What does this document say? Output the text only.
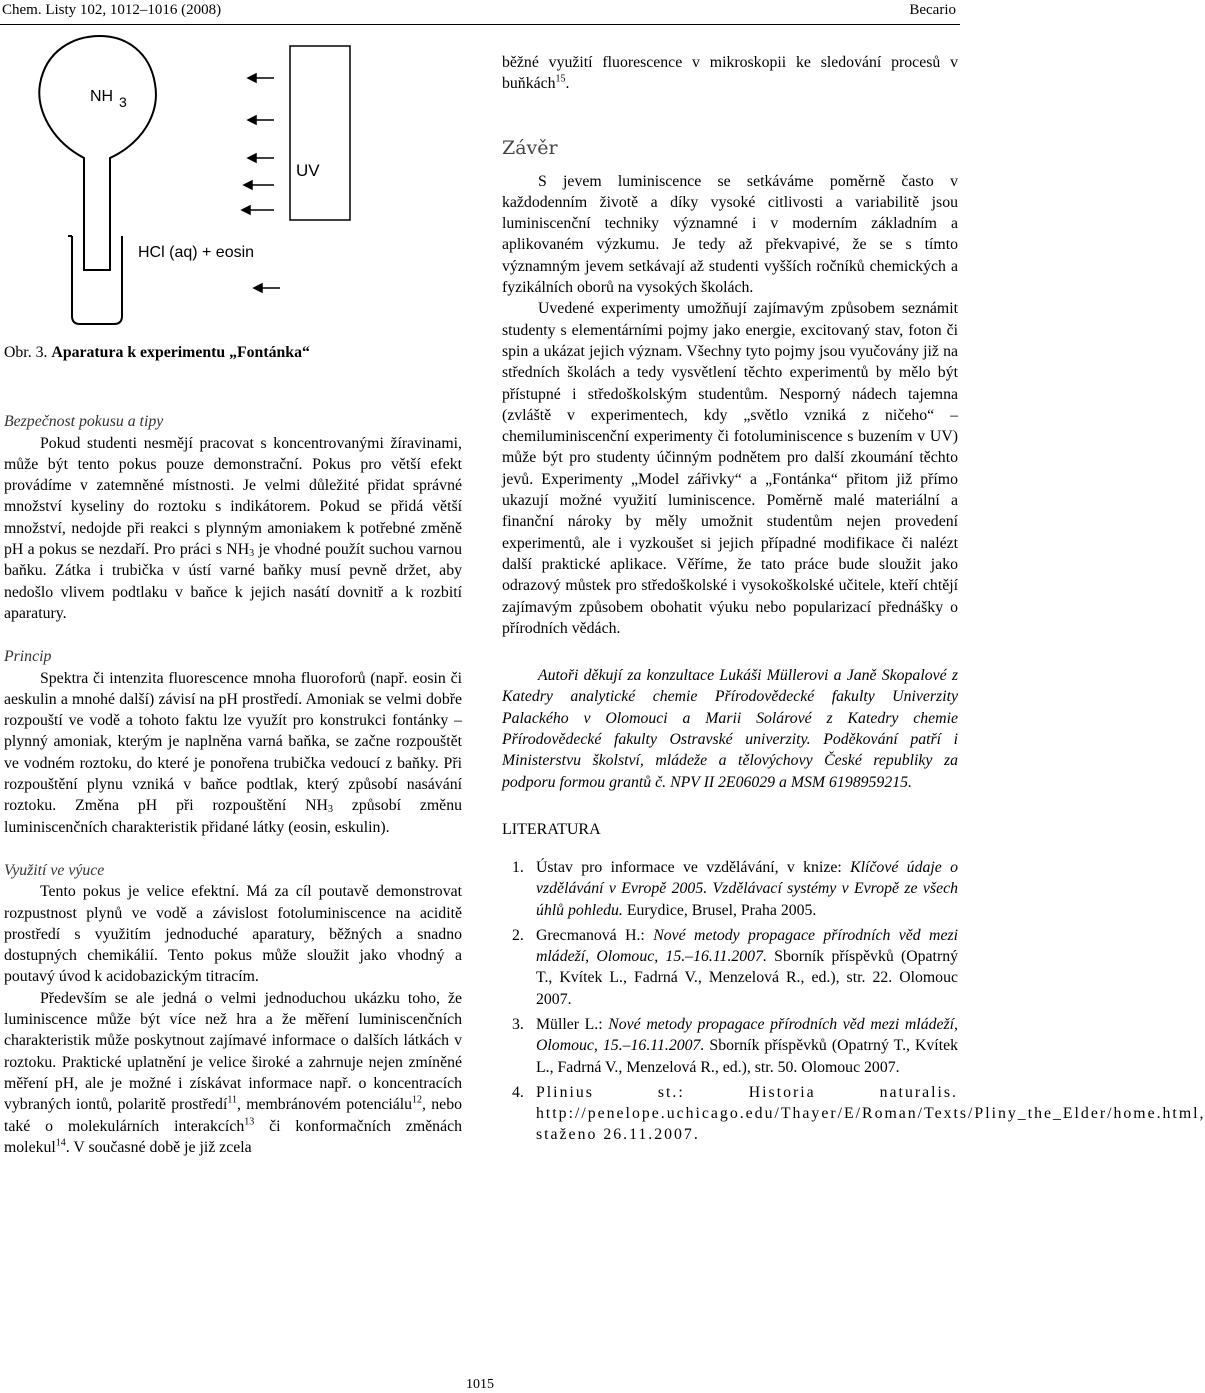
Chem. Listy 102, 1012–1016 (2008)	Becario
NH 3
UV
HCl (aq) + eosin

Obr. 3. Aparatura k experimentu „Fontánka“

Bezpečnost pokusu a tipy

Pokud studenti nesmějí pracovat s koncentrovanými žíravinami, může být tento pokus pouze demonstrační. Pokus pro větší efekt provádíme v zatemněné místnosti. Je velmi důležité přidat správné množství kyseliny do roztoku s indikátorem. Pokud se přidá větší množství, nedojde při reakci s plynným amoniakem k potřebné změně pH a pokus se nezdaří. Pro práci s $NH_3$ je vhodné použít suchou varnou baňku. Zátka i trubička v ústí varné baňky musí pevně držet, aby nedošlo vlivem podtlaku v baňce k jejich nasátí dovnitř a k rozbití aparatury.

Princip

Spektra či intenzita fluorescence mnoha fluoroforů (např. eosin či aeskulin a mnohé další) závisí na pH prostředí. Amoniak se velmi dobře rozpouští ve vodě a tohoto faktu lze využít pro konstrukci fontánky – plynný amoniak, kterým je naplněna varná baňka, se začne rozpouštět ve vodném roztoku, do které je ponořena trubička vedoucí z baňky. Při rozpouštění plynu vzniká v baňce podtlak, který způsobí nasávání roztoku. Změna pH při rozpouštění $NH_3$ způsobí změnu luminiscenčních charakteristik přidané látky (eosin, eskulin).

Využití ve výuce

Tento pokus je velice efektní. Má za cíl poutavě demonstrovat rozpustnost plynů ve vodě a závislost fotoluminiscence na aciditě prostředí s využitím jednoduché aparatury, běžných a snadno dostupných chemikálií. Tento pokus může sloužit jako vhodný a poutavý úvod k acidobazickým titracím.

Především se ale jedná o velmi jednoduchou ukázku toho, že luminiscence může být více než hra a že měření luminiscenčních charakteristik může poskytnout zajímavé informace o dalších látkách v roztoku. Praktické uplatnění je velice široké a zahrnuje nejen zmíněné měření pH, ale je možné i získávat informace např. o koncentracích vybraných iontů, polaritě prostředí$^{11}$, membránovém potenciálu$^{12}$, nebo také o molekulárních interakcích$^{13}$ či konformačních změnách molekul$^{14}$. V současné době je již zcela

běžné využití fluorescence v mikroskopii ke sledování procesů v buňkách$^{15}$.

Závěr

S jevem luminiscence se setkáváme poměrně často v každodenním životě a díky vysoké citlivosti a variabilitě jsou luminiscenční techniky významné i v moderním základním a aplikovaném výzkumu. Je tedy až překvapivé, že se s tímto významným jevem setkávají až studenti vyšších ročníků chemických a fyzikálních oborů na vysokých školách.

Uvedené experimenty umožňují zajímavým způsobem seznámit studenty s elementárními pojmy jako energie, excitovaný stav, foton či spin a ukázat jejich význam. Všechny tyto pojmy jsou vyučovány již na středních školách a tedy vysvětlení těchto experimentů by mělo být přístupné i středoškolským studentům. Nesporný nádech tajemna (zvláště v experimentech, kdy „světlo vzniká z ničeho“ – chemiluminiscenční experimenty či fotoluminiscence s buzením v UV) může být pro studenty účinným podnětem pro další zkoumání těchto jevů. Experimenty „Model zářivky“ a „Fontánka“ přitom již přímo ukazují možné využití luminiscence. Poměrně malé materiální a finanční nároky by měly umožnit studentům nejen provedení experimentů, ale i vyzkoušet si jejich případné modifikace či nalézt další praktické aplikace. Věříme, že tato práce bude sloužit jako odrazový můstek pro středoškolské i vysokoškolské učitele, kteří chtějí zajímavým způsobem obohatit výuku nebo popularizací přednášky o přírodních vědách.

Autoři děkují za konzultace Lukáši Müllerovi a Janě Skopalové z Katedry analytické chemie Přírodovědecké fakulty Univerzity Palackého v Olomouci a Marii Solárové z Katedry chemie Přírodovědecké fakulty Ostravské univerzity. Poděkování patří i Ministerstvu školství, mládeže a tělovýchovy České republiky za podporu formou grantů č. NPV II 2E06029 a MSM 6198959215.

LITERATURA

1. Ústav pro informace ve vzdělávání, v knize: Klíčové údaje o vzdělávání v Evropě 2005. Vzdělávací systémy v Evropě ze všech úhlů pohledu. Eurydice, Brusel, Praha 2005.
2. Grecmanová H.: Nové metody propagace přírodních věd mezi mládeží, Olomouc, 15.–16.11.2007. Sborník příspěvků (Opatrný T., Kvítek L., Fadrná V., Menzelová R., ed.), str. 22. Olomouc 2007.
3. Müller L.: Nové metody propagace přírodních věd mezi mládeží, Olomouc, 15.–16.11.2007. Sborník příspěvků (Opatrný T., Kvítek L., Fadrná V., Menzelová R., ed.), str. 50. Olomouc 2007.
4. Plinius st.: Historia naturalis. http://penelope.uchicago.edu/Thayer/E/Roman/Texts/Pliny_the_Elder/home.html, staženo 26.11.2007.
1015
